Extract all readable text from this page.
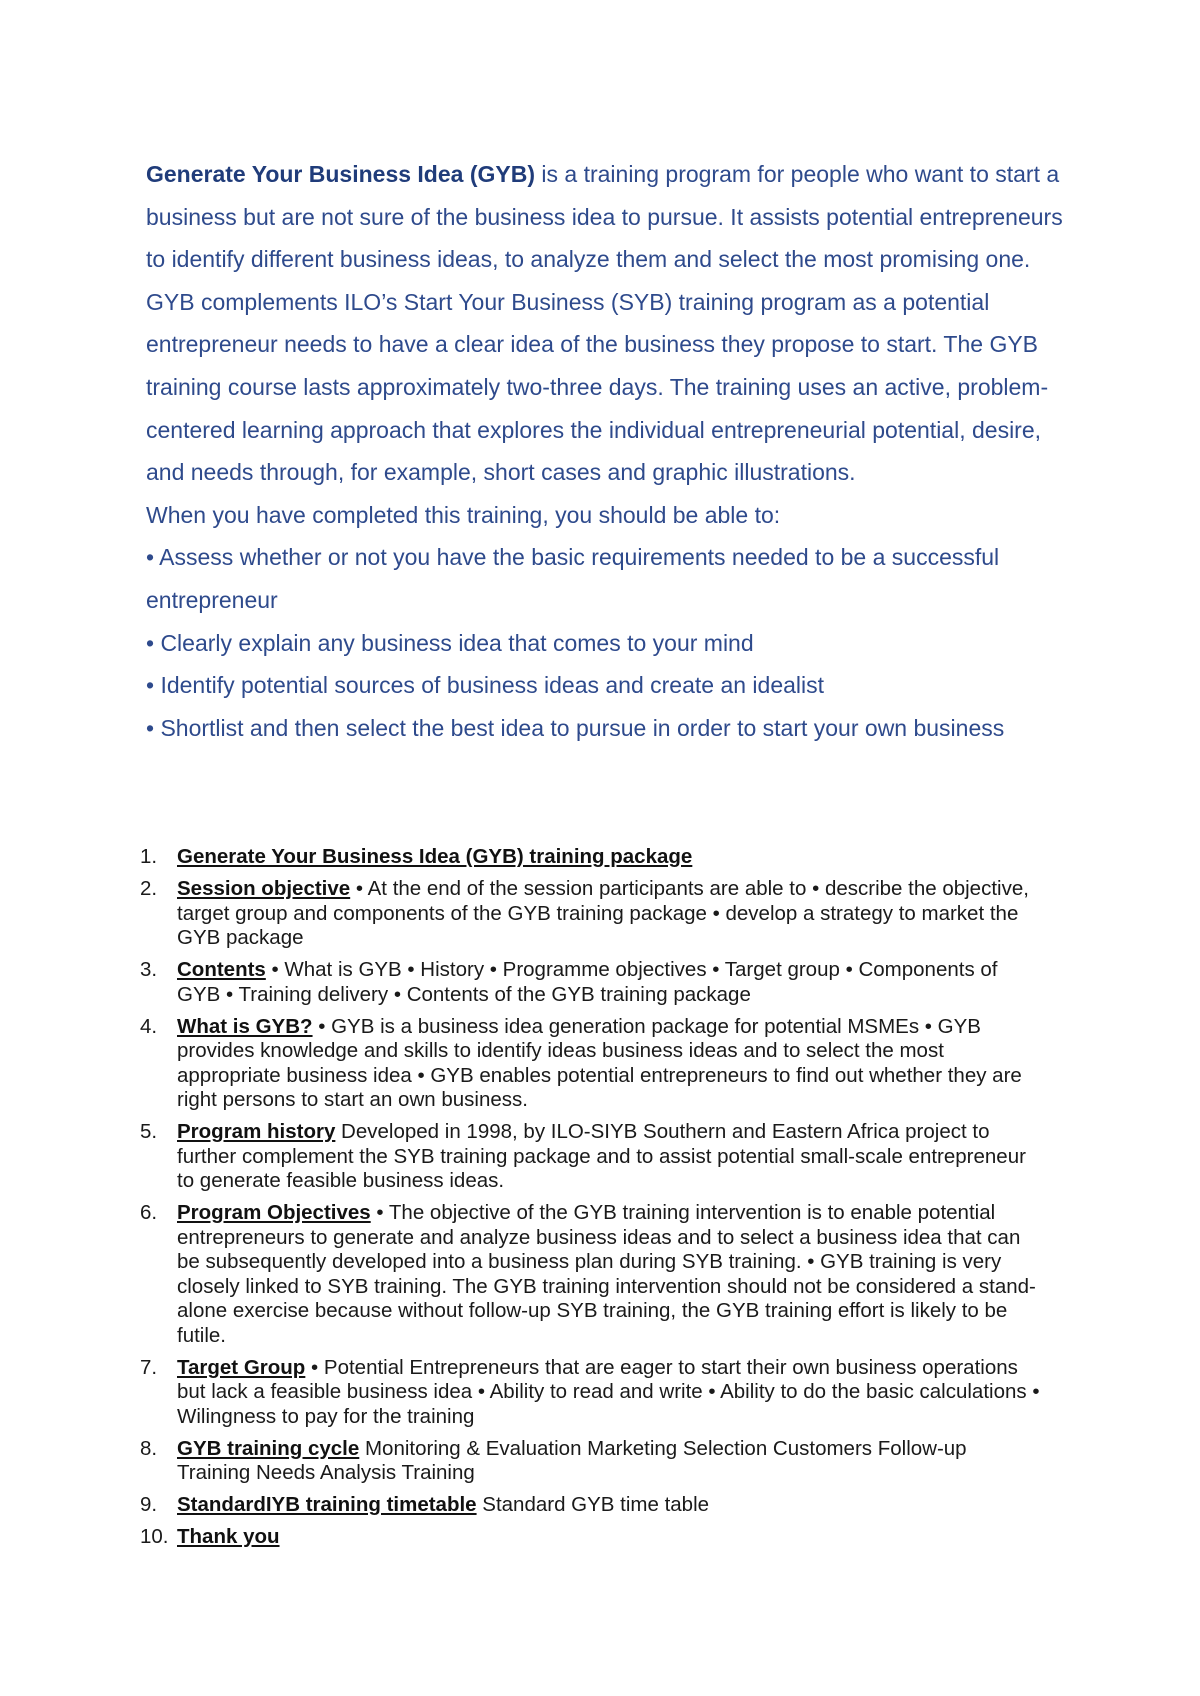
Generate Your Business Idea (GYB) is a training program for people who want to start a business but are not sure of the business idea to pursue. It assists potential entrepreneurs to identify different business ideas, to analyze them and select the most promising one. GYB complements ILO’s Start Your Business (SYB) training program as a potential entrepreneur needs to have a clear idea of the business they propose to start. The GYB training course lasts approximately two-three days. The training uses an active, problem-centered learning approach that explores the individual entrepreneurial potential, desire, and needs through, for example, short cases and graphic illustrations.

When you have completed this training, you should be able to:

• Assess whether or not you have the basic requirements needed to be a successful entrepreneur

• Clearly explain any business idea that comes to your mind

• Identify potential sources of business ideas and create an idealist

• Shortlist and then select the best idea to pursue in order to start your own business

1. Generate Your Business Idea (GYB) training package
2. Session objective • At the end of the session participants are able to • describe the objective, target group and components of the GYB training package • develop a strategy to market the GYB package
3. Contents • What is GYB • History • Programme objectives • Target group • Components of GYB • Training delivery • Contents of the GYB training package
4. What is GYB? • GYB is a business idea generation package for potential MSMEs • GYB provides knowledge and skills to identify ideas business ideas and to select the most appropriate business idea • GYB enables potential entrepreneurs to find out whether they are right persons to start an own business.
5. Program history Developed in 1998, by ILO-SIYB Southern and Eastern Africa project to further complement the SYB training package and to assist potential small-scale entrepreneur to generate feasible business ideas.
6. Program Objectives • The objective of the GYB training intervention is to enable potential entrepreneurs to generate and analyze business ideas and to select a business idea that can be subsequently developed into a business plan during SYB training. • GYB training is very closely linked to SYB training. The GYB training intervention should not be considered a stand-alone exercise because without follow-up SYB training, the GYB training effort is likely to be futile.
7. Target Group • Potential Entrepreneurs that are eager to start their own business operations but lack a feasible business idea • Ability to read and write • Ability to do the basic calculations • Wilingness to pay for the training
8. GYB training cycle Monitoring & Evaluation Marketing Selection Customers Follow-up Training Needs Analysis Training
9. StandardIYB training timetable Standard GYB time table
10. Thank you
